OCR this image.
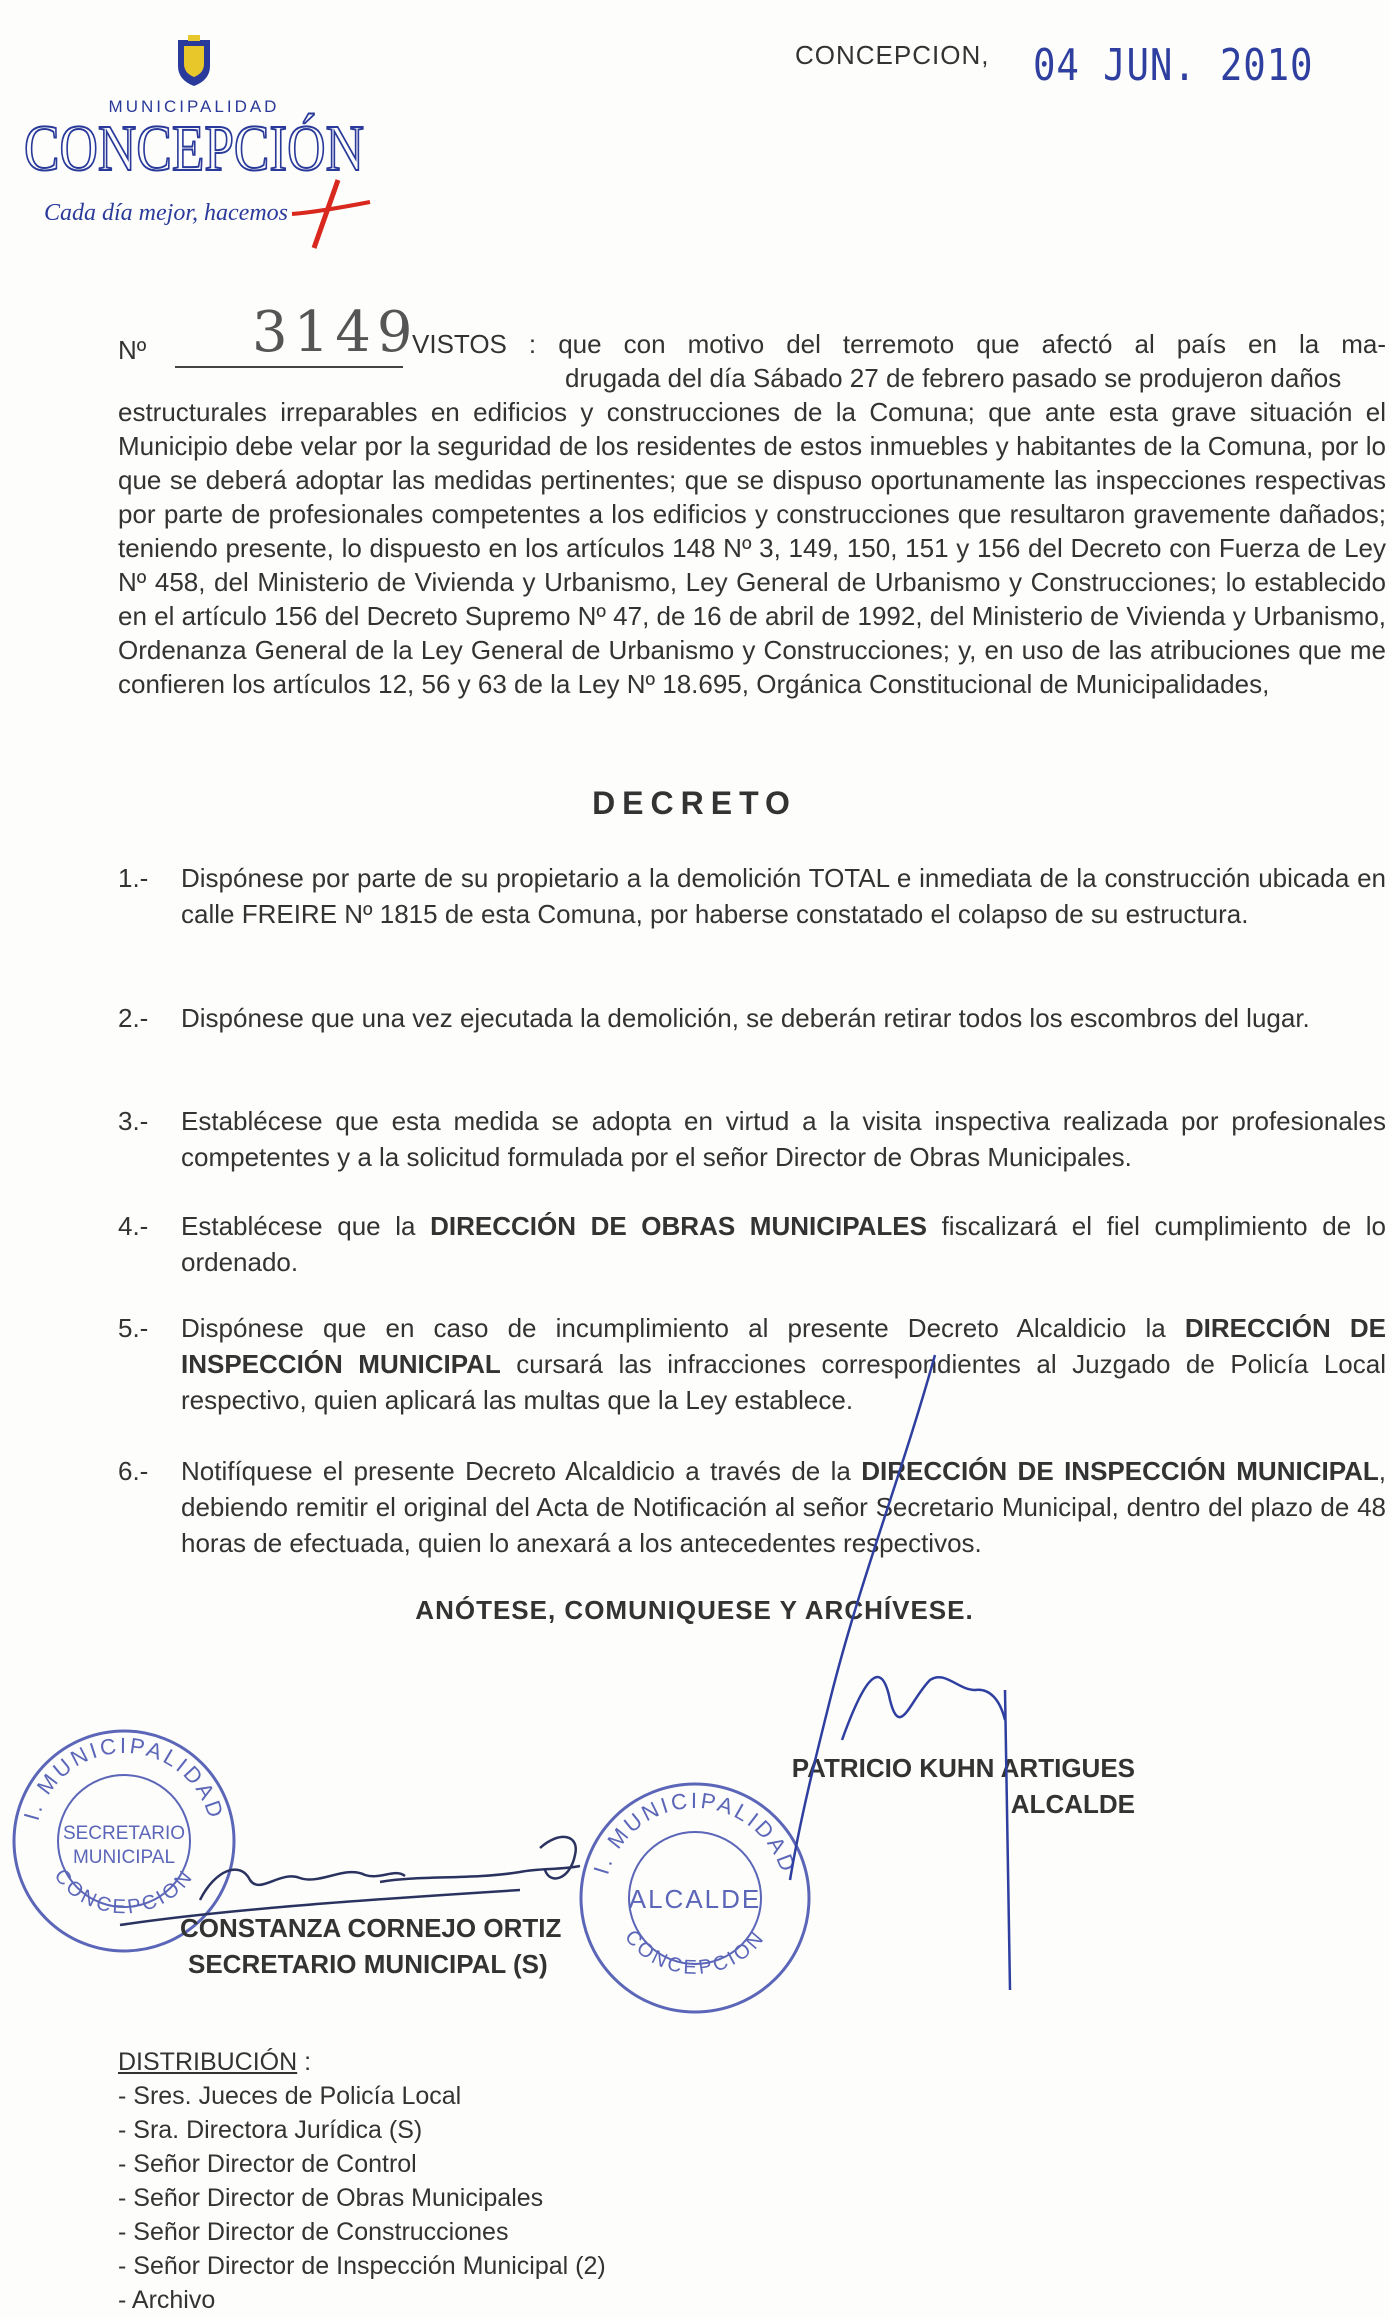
MUNICIPALIDAD
CONCEPCIÓN
Cada día mejor, hacemos
CONCEPCION, 04 JUN. 2010
Nº 3149
VISTOS : que con motivo del terremoto que afectó al país en la ma-
drugada del día Sábado 27 de febrero pasado se produjeron daños
estructurales irreparables en edificios y construcciones de la Comuna; que ante esta grave situación el Municipio debe velar por la seguridad de los residentes de estos inmuebles y habitantes de la Comuna, por lo que se deberá adoptar las medidas pertinentes; que se dispuso oportunamente las inspecciones respectivas por parte de profesionales competentes a los edificios y construcciones que resultaron gravemente dañados; teniendo presente, lo dispuesto en los artículos 148 Nº 3, 149, 150, 151 y 156 del Decreto con Fuerza de Ley Nº 458, del Ministerio de Vivienda y Urbanismo, Ley General de Urbanismo y Construcciones; lo establecido en el artículo 156 del Decreto Supremo Nº 47, de 16 de abril de 1992, del Ministerio de Vivienda y Urbanismo, Ordenanza General de la Ley General de Urbanismo y Construcciones; y, en uso de las atribuciones que me confieren los artículos 12, 56 y 63 de la Ley Nº 18.695, Orgánica Constitucional de Municipalidades,
DECRETO
1.- Dispónese por parte de su propietario a la demolición TOTAL e inmediata de la construcción ubicada en calle FREIRE Nº 1815 de esta Comuna, por haberse constatado el colapso de su estructura.
2.- Dispónese que una vez ejecutada la demolición, se deberán retirar todos los escombros del lugar.
3.- Establécese que esta medida se adopta en virtud a la visita inspectiva realizada por profesionales competentes y a la solicitud formulada por el señor Director de Obras Municipales.
4.- Establécese que la DIRECCIÓN DE OBRAS MUNICIPALES fiscalizará el fiel cumplimiento de lo ordenado.
5.- Dispónese que en caso de incumplimiento al presente Decreto Alcaldicio la DIRECCIÓN DE INSPECCIÓN MUNICIPAL cursará las infracciones correspondientes al Juzgado de Policía Local respectivo, quien aplicará las multas que la Ley establece.
6.- Notifíquese el presente Decreto Alcaldicio a través de la DIRECCIÓN DE INSPECCIÓN MUNICIPAL, debiendo remitir el original del Acta de Notificación al señor Secretario Municipal, dentro del plazo de 48 horas de efectuada, quien lo anexará a los antecedentes respectivos.
ANÓTESE, COMUNIQUESE Y ARCHÍVESE.
I. MUNICIPALIDAD
CONCEPCION
SECRETARIO
MUNICIPAL
I. MUNICIPALIDAD
CONCEPCION
ALCALDE
PATRICIO KUHN ARTIGUES
ALCALDE
CONSTANZA CORNEJO ORTIZ
SECRETARIO MUNICIPAL (S)
DISTRIBUCIÓN :
- Sres. Jueces de Policía Local
- Sra. Directora Jurídica (S)
- Señor Director de Control
- Señor Director de Obras Municipales
- Señor Director de Construcciones
- Señor Director de Inspección Municipal (2)
- Archivo
